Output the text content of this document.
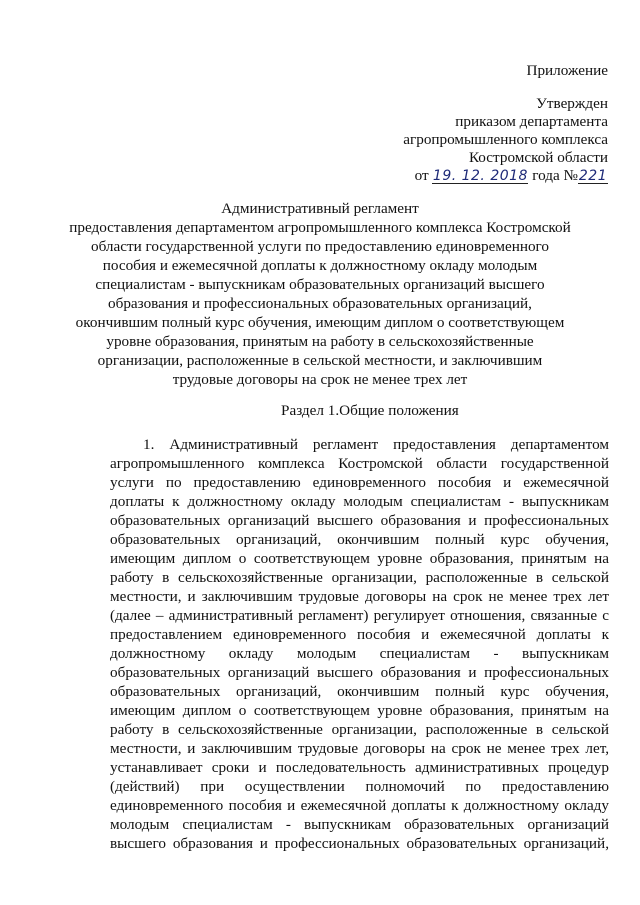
Приложение
Утвержден
приказом департамента
агропромышленного комплекса
Костромской области
от 19. 12. 2018 года №221
Административный регламент
предоставления департаментом агропромышленного комплекса Костромской
области государственной услуги по предоставлению единовременного
пособия и ежемесячной доплаты к должностному окладу молодым
специалистам - выпускникам образовательных организаций высшего
образования и профессиональных образовательных организаций,
окончившим полный курс обучения, имеющим диплом о соответствующем
уровне образования, принятым на работу в сельскохозяйственные
организации, расположенные в сельской местности, и заключившим
трудовые договоры на срок не менее трех лет
Раздел 1.Общие положения
1. Административный регламент предоставления департаментом
агропромышленного комплекса Костромской области государственной
услуги по предоставлению единовременного пособия и ежемесячной
доплаты к должностному окладу молодым специалистам - выпускникам
образовательных организаций высшего образования и профессиональных
образовательных организаций, окончившим полный курс обучения,
имеющим диплом о соответствующем уровне образования, принятым на
работу в сельскохозяйственные организации, расположенные в сельской
местности, и заключившим трудовые договоры на срок не менее трех лет
(далее – административный регламент) регулирует отношения, связанные с
предоставлением единовременного пособия и ежемесячной доплаты к
должностному окладу молодым специалистам - выпускникам
образовательных организаций высшего образования и профессиональных
образовательных организаций, окончившим полный курс обучения,
имеющим диплом о соответствующем уровне образования, принятым на
работу в сельскохозяйственные организации, расположенные в сельской
местности, и заключившим трудовые договоры на срок не менее трех лет,
устанавливает сроки и последовательность административных процедур
(действий) при осуществлении полномочий по предоставлению
единовременного пособия и ежемесячной доплаты к должностному окладу
молодым специалистам - выпускникам образовательных организаций
высшего образования и профессиональных образовательных организаций,
